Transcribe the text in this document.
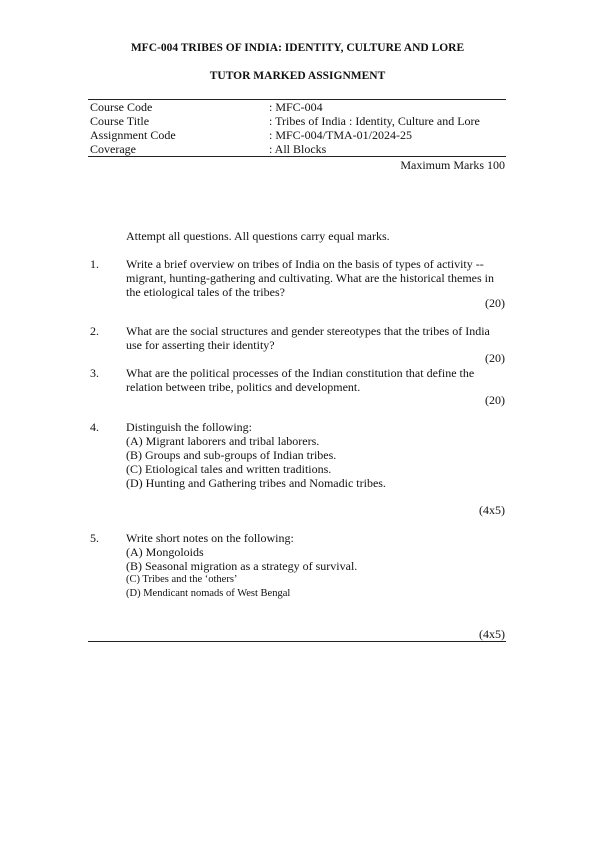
MFC-004 TRIBES OF INDIA: IDENTITY, CULTURE AND LORE
TUTOR MARKED ASSIGNMENT
Course Code	: MFC-004
Course Title	: Tribes of India : Identity, Culture and Lore
Assignment Code	: MFC-004/TMA-01/2024-25
Coverage	: All Blocks
Maximum Marks 100
Attempt all questions. All questions carry equal marks.
1. Write a brief overview on tribes of India on the basis of types of activity --
migrant, hunting-gathering and cultivating. What are the historical themes in
the etiological tales of the tribes?
(20)
2. What are the social structures and gender stereotypes that the tribes of India
use for asserting their identity?
(20)
3. What are the political processes of the Indian constitution that define the
relation between tribe, politics and development.
(20)
4. Distinguish the following:
(A) Migrant laborers and tribal laborers.
(B) Groups and sub-groups of Indian tribes.
(C) Etiological tales and written traditions.
(D) Hunting and Gathering tribes and Nomadic tribes.
(4x5)
5. Write short notes on the following:
(A) Mongoloids
(B) Seasonal migration as a strategy of survival.
(C) Tribes and the ‘others’
(D) Mendicant nomads of West Bengal
(4x5)
